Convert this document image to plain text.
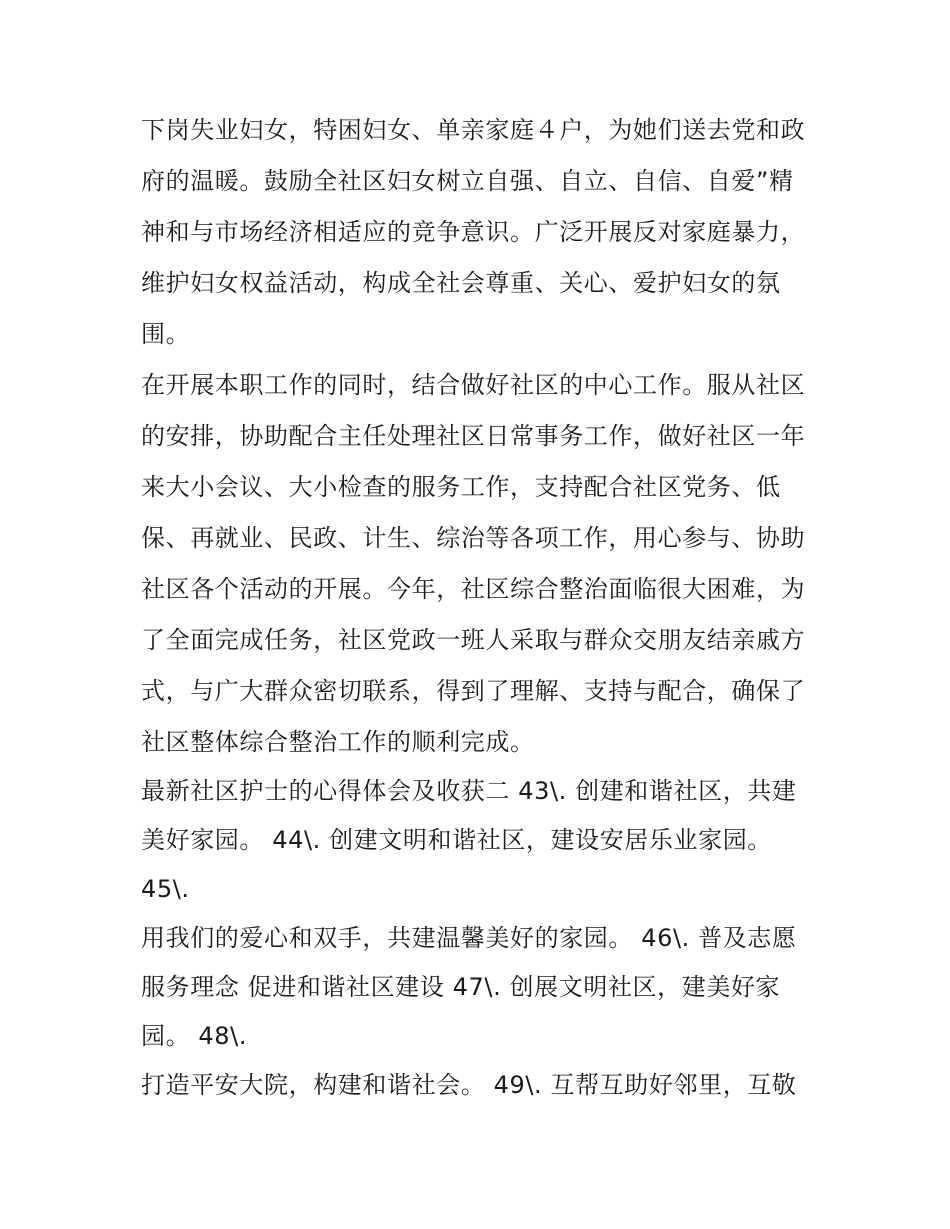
下岗失业妇女，特困妇女、单亲家庭４户，为她们送去党和政
府的温暖。鼓励全社区妇女树立自强、自立、自信、自爱”精
神和与市场经济相适应的竞争意识。广泛开展反对家庭暴力，
维护妇女权益活动，构成全社会尊重、关心、爱护妇女的氛
围。
在开展本职工作的同时，结合做好社区的中心工作。服从社区
的安排，协助配合主任处理社区日常事务工作，做好社区一年
来大小会议、大小检查的服务工作，支持配合社区党务、低
保、再就业、民政、计生、综治等各项工作，用心参与、协助
社区各个活动的开展。今年，社区综合整治面临很大困难，为
了全面完成任务，社区党政一班人采取与群众交朋友结亲戚方
式，与广大群众密切联系，得到了理解、支持与配合，确保了
社区整体综合整治工作的顺利完成。
最新社区护士的心得体会及收获二 43\. 创建和谐社区，共建
美好家园。 44\. 创建文明和谐社区，建设安居乐业家园。
45\.
用我们的爱心和双手，共建温馨美好的家园。 46\. 普及志愿
服务理念 促进和谐社区建设 47\. 创展文明社区，建美好家
园。 48\.
打造平安大院，构建和谐社会。 49\. 互帮互助好邻里，互敬
